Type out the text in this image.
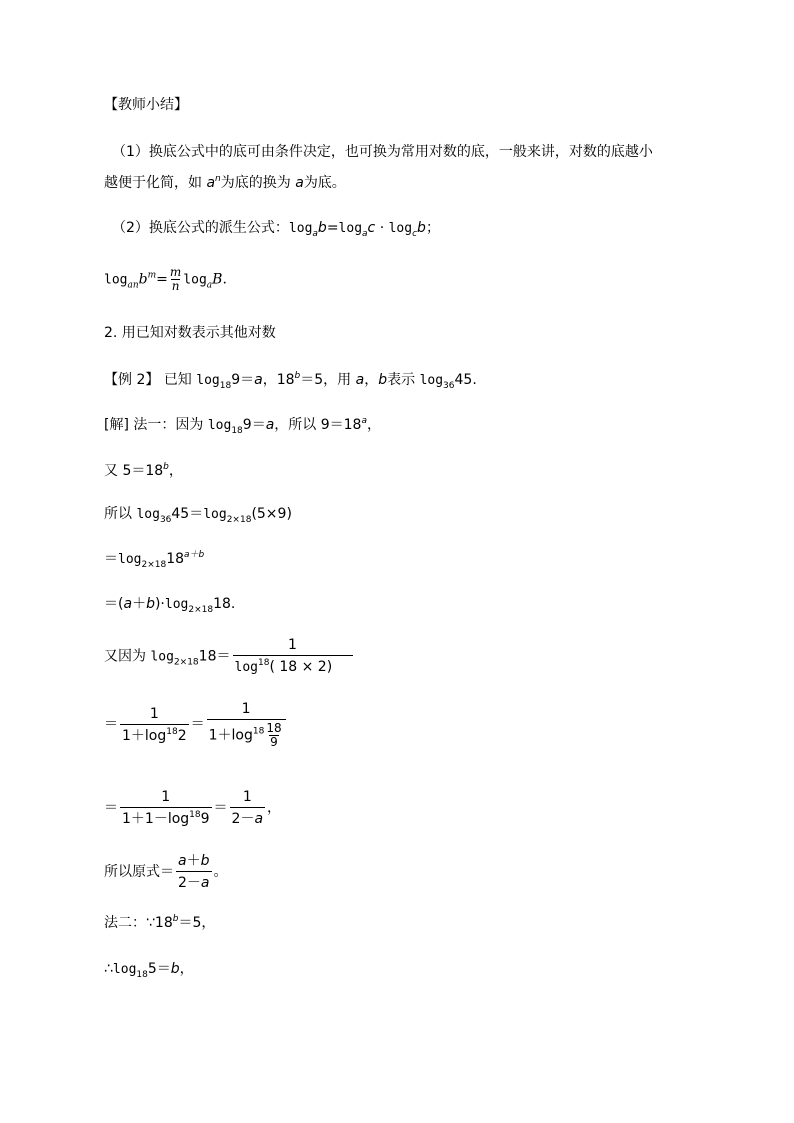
【教师小结】
（1）换底公式中的底可由条件决定，也可换为常用对数的底，一般来讲，对数的底越小
越便于化简，如 $a^n$为底的换为 a为底。
（2）换底公式的派生公式：$\log_ab=\log_ac \cdot \log_cb$；
$\log_{an}b^m= \frac{m}{n} \log_aB$.
2. 用已知对数表示其他对数
【例 2】 已知 $\log_{18}9=a$，$18^b=5$，用 a，b表示 $\log_{36}45$.
[解] 法一：因为 $\log_{18}9=a$，所以 $9=18^a$，
又 $5=18^b$，
所以 $\log_{36}45=\log_{2\times 18}(5\times 9)$
$=\log_{2\times 18}18^{a+b}$
$=(a+b)\cdot\log_{2\times 18}18$.
又因为 $\log_{2\times 18}18= \frac{1}{\log^{18}( 18 \times 2)}$
＝ $\frac{1}{1+\log^{18}2} = \frac{1}{1+\log^{18} \frac{18}{9}}$
＝ $\frac{1}{1+1-\log^{18}9} = \frac{1}{2-a}$ ，
所以原式＝ $\frac{a+b}{2-a}$ 。
法二：$\because 18^b=5$，
$\therefore\log_{18}5=b$，
